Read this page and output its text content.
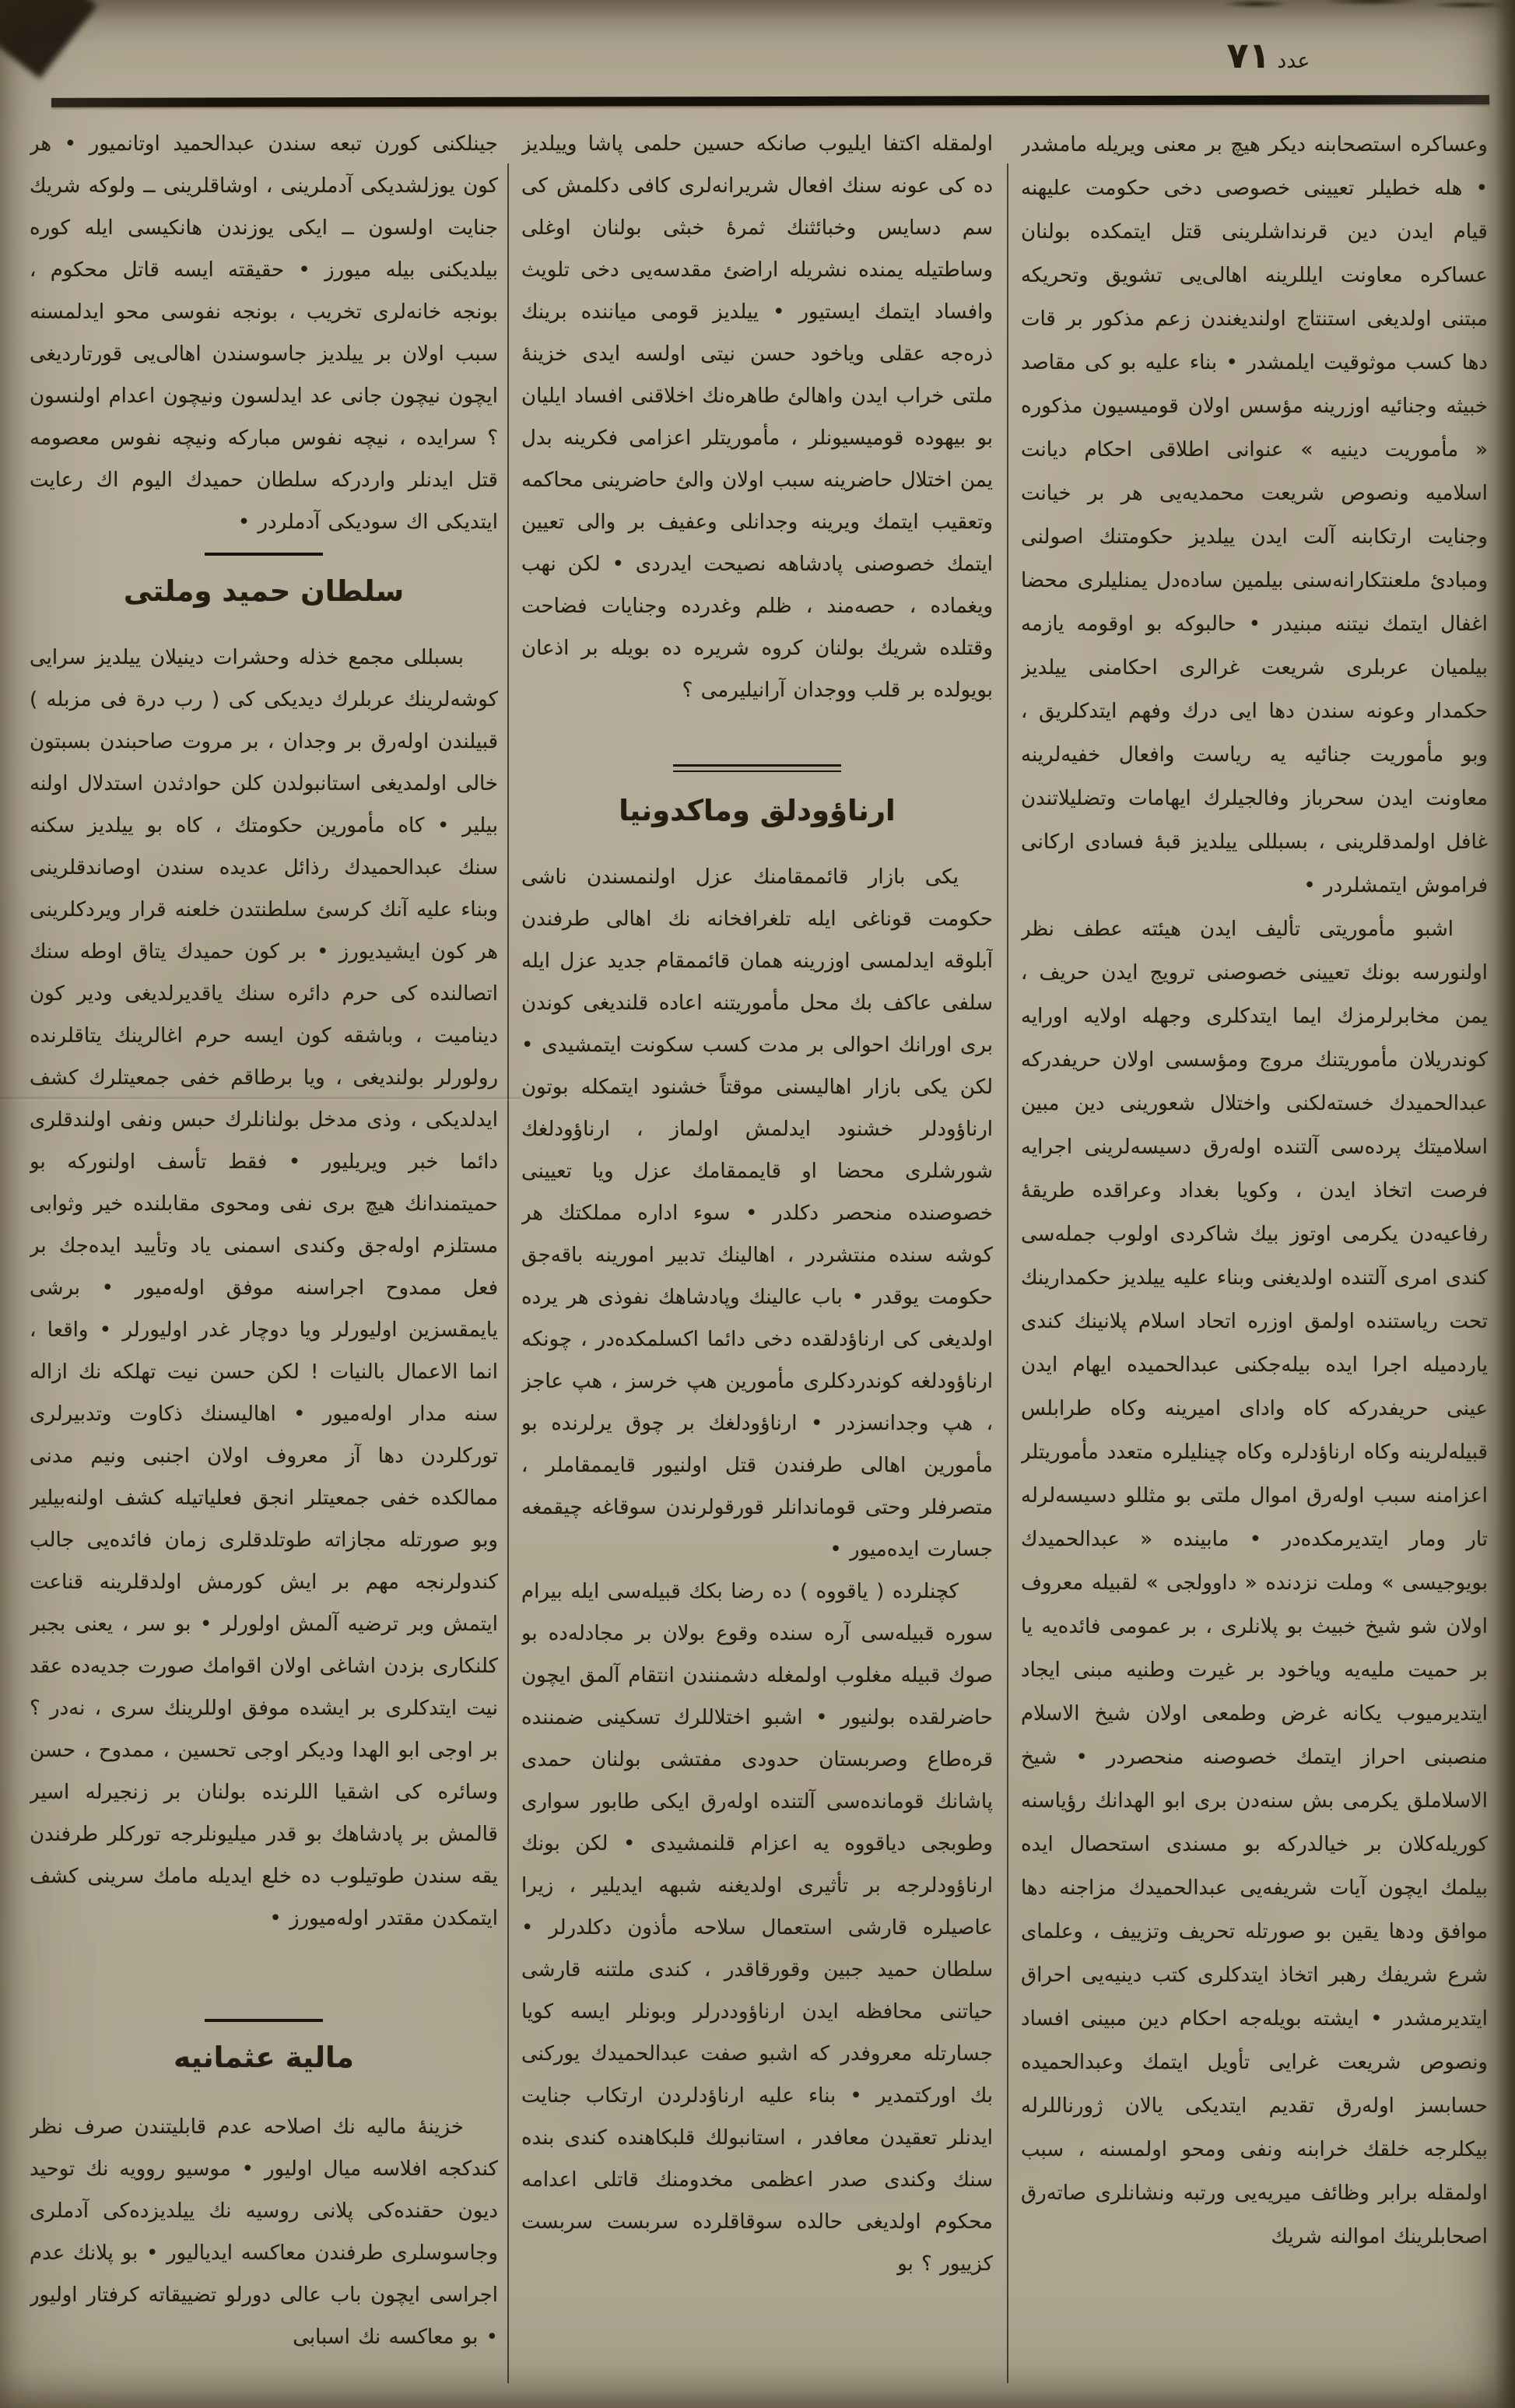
عدد ٧١

وعساكره استصحابنه ديكر هيچ بر معنى ويريله مامشدر • هله خطيلر تعيينى خصوصى دخى حكومت عليهنه قيام ايدن دين قرنداشلرينى قتل ايتمكده بولنان عساكره معاونت ايللرينه اهالى‌يى تشويق وتحريكه مبتنى اولديغى استنتاج اولنديغندن زعم مذكور بر قات دها كسب موثوقيت ايلمشدر • بناء عليه بو كى مقاصد خبيثه وجنائيه اوزرينه مؤسس اولان قوميسيون مذكوره « مأموريت دينيه » عنوانى اطلاقى احكام ديانت اسلاميه ونصوص شريعت محمديه‌يى هر بر خيانت وجنايت ارتكابنه آلت ايدن ييلديز حكومتنك اصولنى ومبادئ ملعنتكارانه‌سنى بيلمين ساده‌دل يمنليلرى محضا اغفال ايتمك نيتنه مبنيدر • حالبوكه بو اوقومه يازمه بيلميان عربلرى شريعت غرالرى احكامنى ييلديز حكمدار وعونه سندن دها ايى درك وفهم ايتدكلريق ، وبو مأموريت جنائيه يه رياست وافعال خفيه‌لرينه معاونت ايدن سحرباز وفالجيلرك ايهامات وتضليلاتندن غافل اولمدقلرينى ، بسبللى ييلديز قبهٔ فسادى اركانى فراموش ايتمشلردر •

اشبو مأموريتى تأليف ايدن هيئته عطف نظر اولنورسه بونك تعيينى خصوصنى ترويج ايدن حريف ، يمن مخابرلرمزك ايما ايتدكلرى وجهله اولايه اورايه كوندريلان مأموريتنك مروج ومؤسسى اولان حريفدركه عبدالحميدك خسته‌لكنى واختلال شعورينى دين مبين اسلاميتك پرده‌سى آلتنده اوله‌رق دسيسه‌لرينى اجرايه فرصت اتخاذ ايدن ، وكويا بغداد وعراقده طريقهٔ رفاعيه‌دن يكرمى اوتوز بيك شاكردى اولوب جمله‌سى كندى امرى آلتنده اولديغنى وبناء عليه ييلديز حكمدارينك تحت رياستنده اولمق اوزره اتحاد اسلام پلانينك كندى ياردميله اجرا ايده بيله‌جكنى عبدالحميده ايهام ايدن عينى حريفدركه كاه واداى اميرينه وكاه طرابلس قبيله‌لرينه وكاه ارناؤدلره وكاه چينليلره متعدد مأموريتلر اعزامنه سبب اوله‌رق اموال ملتى بو مثللو دسيسه‌لرله تار ومار ايتديرمكده‌در • مابينده « عبدالحميدك بويوجيسى » وملت نزدنده « داوولجى » لقبيله معروف اولان شو شيخ خبيث بو پلانلرى ، بر عمومى فائده‌يه يا بر حميت مليه‌يه وياخود بر غيرت وطنيه مبنى ايجاد ايتديرميوب يكانه غرض وطمعى اولان شيخ الاسلام منصبنى احراز ايتمك خصوصنه منحصردر • شيخ الاسلاملق يكرمى بش سنه‌دن برى ابو الهدانك رؤياسنه كوريله‌كلان بر خيالدركه بو مسندى استحصال ايده بيلمك ايچون آيات شريفه‌يى عبدالحميدك مزاجنه دها موافق ودها يقين بو صورتله تحريف وتزييف ، وعلماى شرع شريفك رهبر اتخاذ ايتدكلرى كتب دينيه‌يى احراق ايتديرمشدر • ايشته بويله‌جه احكام دين مبينى افساد ونصوص شريعت غرايى تأويل ايتمك وعبدالحميده حسابسز اوله‌رق تقديم ايتديكى يالان ژورناللرله بيكلرجه خلقك خرابنه ونفى ومحو اولمسنه ، سبب اولمقله برابر وظائف ميريه‌يى ورتبه ونشانلرى صاته‌رق اصحابلرينك اموالنه شريك

اولمقله اكتفا ايليوب صانكه حسين حلمى پاشا وييلديز ده كى عونه سنك افعال شريرانه‌لرى كافى دكلمش كى سم دسايس وخبائثنك ثمرهٔ خبثى بولنان اوغلى وساطتيله يمنده نشريله اراضئ مقدسه‌يى دخى تلويث وافساد ايتمك ايستيور • ييلديز قومى مياننده برينك ذره‌جه عقلى وياخود حسن نيتى اولسه ايدى خزينهٔ ملتى خراب ايدن واهالئ طاهره‌نك اخلاقنى افساد ايليان بو بيهوده قوميسيونلر ، مأموريتلر اعزامى فكرينه بدل يمن اختلال حاضرينه سبب اولان والئ حاضرينى محاكمه وتعقيب ايتمك ويرينه وجدانلى وعفيف بر والى تعيين ايتمك خصوصنى پادشاهه نصيحت ايدردى • لكن نهب ويغماده ، حصه‌مند ، ظلم وغدرده وجنايات فضاحت وقتلده شريك بولنان كروه شريره ده بويله بر اذعان بويولده بر قلب ووجدان آرانيليرمى ؟

ارناؤودلق وماكدونيا

يكى بازار قائممقامنك عزل اولنمسندن ناشى حكومت قوناغى ايله تلغرافخانه نك اهالى طرفندن آبلوقه ايدلمسى اوزرينه همان قائممقام جديد عزل ايله سلفى عاكف بك محل مأموريتنه اعاده قلنديغى كوندن برى اورانك احوالى بر مدت كسب سكونت ايتمشيدى • لكن يكى بازار اهاليسنى موقتاً خشنود ايتمكله بوتون ارناؤودلر خشنود ايدلمش اولماز ، ارناؤودلغك شورشلرى محضا او قايممقامك عزل ويا تعيينى خصوصنده منحصر دكلدر • سوء اداره مملكتك هر كوشه سنده منتشردر ، اهالينك تدبير امورينه باقه‌جق حكومت يوقدر • باب عالينك وپادشاهك نفوذى هر يرده اولديغى كى ارناؤدلقده دخى دائما اكسلمكده‌در ، چونكه ارناؤودلغه كوندردكلرى مأمورين هپ خرسز ، هپ عاجز ، هپ وجدانسزدر • ارناؤودلغك بر چوق يرلرنده بو مأمورين اهالى طرفندن قتل اولنيور قايممقاملر ، متصرفلر وحتى قوماندانلر قورقولرندن سوقاغه چيقمغه جسارت ايده‌ميور •

كچنلرده ( ياقووه ) ده رضا بكك قبيله‌سى ايله بيرام سوره قبيله‌سى آره سنده وقوع بولان بر مجادله‌ده بو صوك قبيله مغلوب اولمغله دشمنندن انتقام آلمق ايچون حاضرلقده بولنيور • اشبو اختلاللرك تسكينى ضمننده قره‌طاع وصربستان حدودى مفتشى بولنان حمدى پاشانك قومانده‌سى آلتنده اوله‌رق ايكى طابور سوارى وطوبجى دياقووه يه اعزام قلنمشيدى • لكن بونك ارناؤودلرجه بر تأثيرى اولديغنه شبهه ايديلير ، زيرا عاصيلره قارشى استعمال سلاحه مأذون دكلدرلر • سلطان حميد جبين وقورقاقدر ، كندى ملتنه قارشى حياتنى محافظه ايدن ارناؤوددرلر وبونلر ايسه كويا جسارتله معروفدر كه اشبو صفت عبدالحميدك يوركنى بك اوركتمدير • بناء عليه ارناؤدلردن ارتكاب جنايت ايدنلر تعقيدن معافدر ، استانبولك قلبكاهنده كندى بنده سنك وكندى صدر اعظمى مخدومنك قاتلى اعدامه محكوم اولديغى حالده سوقاقلرده سربست سربست كزييور ؟ بو

جينلكنى كورن تبعه سندن عبدالحميد اوتانميور • هر كون يوزلشديكى آدملرينى ، اوشاقلرينى ــ ولوكه شريك جنايت اولسون ــ ايكى يوزندن هانكيسى ايله كوره بيلديكنى بيله ميورز • حقيقته ايسه قاتل محكوم ، بونجه خانه‌لرى تخريب ، بونجه نفوسى محو ايدلمسنه سبب اولان بر ييلديز جاسوسندن اهالى‌يى قورتارديغى ايچون نيچون جانى عد ايدلسون ونيچون اعدام اولنسون ؟ سرايده ، نيچه نفوس مباركه ونيچه نفوس معصومه قتل ايدنلر واردركه سلطان حميدك اليوم اك رعايت ايتديكى اك سوديكى آدملردر •

سلطان حميد وملتى

بسبللى مجمع خذله وحشرات دينيلان ييلديز سرايى كوشه‌لرينك عربلرك ديديكى كى ( رب درة فى مزبله ) قبيلندن اوله‌رق بر وجدان ، بر مروت صاحبندن بسبتون خالى اولمديغى استانبولدن كلن حوادثدن استدلال اولنه بيلير • كاه مأمورين حكومتك ، كاه بو ييلديز سكنه سنك عبدالحميدك رذائل عديده سندن اوصاندقلرينى وبناء عليه آنك كرسئ سلطنتدن خلعنه قرار ويردكلرينى هر كون ايشيديورز • بر كون حميدك يتاق اوطه سنك اتصالنده كى حرم دائره سنك ياقديرلديغى ودير كون ديناميت ، وباشقه كون ايسه حرم اغالرينك يتاقلرنده رولورلر بولنديغى ، ويا برطاقم خفى جمعيتلرك كشف ايدلديكى ، وذى مدخل بولنانلرك حبس ونفى اولندقلرى دائما خبر ويريليور • فقط تأسف اولنوركه بو حميتمندانك هيچ برى نفى ومحوى مقابلنده خير وثوابى مستلزم اوله‌جق وكندى اسمنى ياد وتأييد ايده‌جك بر فعل ممدوح اجراسنه موفق اوله‌ميور • برشى يايمقسزين اوليورلر ويا دوچار غدر اوليورلر • واقعا ، انما الاعمال بالنيات ! لكن حسن نيت تهلكه نك ازاله سنه مدار اوله‌ميور • اهاليسنك ذكاوت وتدبيرلرى توركلردن دها آز معروف اولان اجنبى ونيم مدنى ممالكده خفى جمعيتلر انجق فعلياتيله كشف اولنه‌بيلير وبو صورتله مجازاته طوتلدقلرى زمان فائده‌يى جالب كندولرنجه مهم بر ايش كورمش اولدقلرينه قناعت ايتمش وبر ترضيه آلمش اولورلر • بو سر ، يعنى بجبر كلنكارى بزدن اشاغى اولان اقوامك صورت جديه‌ده عقد نيت ايتدكلرى بر ايشده موفق اوللرينك سرى ، نه‌در ؟ بر اوجى ابو الهدا وديكر اوجى تحسين ، ممدوح ، حسن وسائره كى اشقيا اللرنده بولنان بر زنجيرله اسير قالمش بر پادشاهك بو قدر ميليونلرجه توركلر طرفندن يقه سندن طوتيلوب ده خلع ايديله مامك سرينى كشف ايتمكدن مقتدر اوله‌ميورز •

مالية عثمانيه

خزينهٔ ماليه نك اصلاحه عدم قابليتندن صرف نظر كندكجه افلاسه ميال اوليور • موسيو روويه نك توحيد ديون حقنده‌كى پلانى روسيه نك ييلديزده‌كى آدملرى وجاسوسلرى طرفندن معاكسه ايدياليور • بو پلانك عدم اجراسى ايچون باب عالى دورلو تضييقاته كرفتار اوليور • بو معاكسه نك اسبابى
